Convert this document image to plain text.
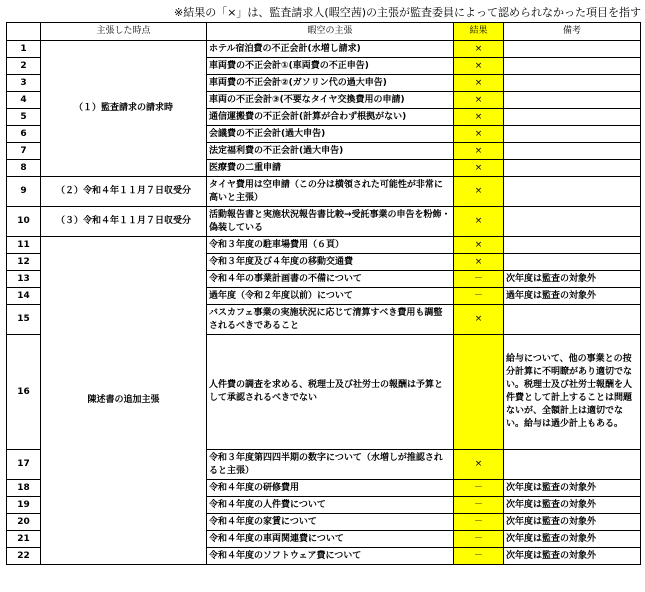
※結果の「×」は、監査請求人(暇空茜)の主張が監査委員によって認められなかった項目を指す
	主張した時点	暇空の主張	結果	備考
1	（１）監査請求の請求時	ホテル宿泊費の不正会計(水増し請求)	×	
2		車両費の不正会計①(車両費の不正申告)	×	
3		車両費の不正会計②(ガソリン代の過大申告)	×	
4		車両の不正会計③(不要なタイヤ交換費用の申請)	×	
5		通信運搬費の不正会計(計算が合わず根拠がない)	×	
6		会議費の不正会計(過大申告)	×	
7		法定福利費の不正会計(過大申告)	×	
8		医療費の二重申請	×	
9	（２）令和４年１１月７日収受分	タイヤ費用は空申請（この分は横領された可能性が非常に高いと主張）	×	
10	（３）令和４年１１月７日収受分	活動報告書と実施状況報告書比較→受託事業の申告を粉飾・偽装している	×	
11	陳述書の追加主張	令和３年度の駐車場費用（６頁）	×	
12		令和３年度及び４年度の移動交通費	×	
13		令和４年の事業計画書の不備について	－	次年度は監査の対象外
14		過年度（令和２年度以前）について	－	過年度は監査の対象外
15		バスカフェ事業の実施状況に応じて清算すべき費用も調整されるべきであること	×	
16		人件費の調査を求める、税理士及び社労士の報酬は予算として承認されるべきでない		給与について、他の事業との按分計算に不明瞭があり適切でない。税理士及び社労士報酬を人件費として計上することは問題ないが、全額計上は適切でない。給与は過少計上もある。
17		令和３年度第四四半期の数字について（水増しが推認されると主張）	×	
18		令和４年度の研修費用	－	次年度は監査の対象外
19		令和４年度の人件費について	－	次年度は監査の対象外
20		令和４年度の家賃について	－	次年度は監査の対象外
21		令和４年度の車両関連費について	－	次年度は監査の対象外
22		令和４年度のソフトウェア費について	－	次年度は監査の対象外
